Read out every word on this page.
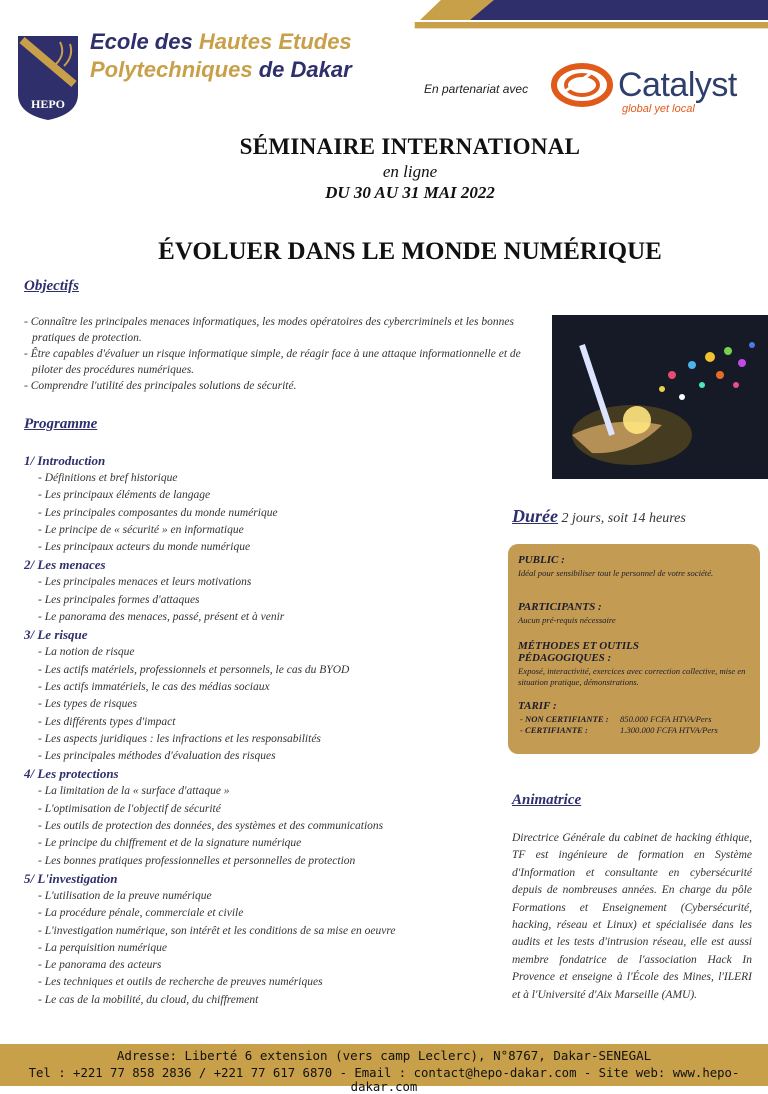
HEPO
Ecole des Hautes Etudes
Polytechniques de Dakar
En partenariat avec	Catalyst
global yet local
SÉMINAIRE INTERNATIONAL
en ligne
DU 30 AU 31 MAI 2022
ÉVOLUER DANS LE MONDE NUMÉRIQUE
Objectifs
- Connaître les principales menaces informatiques, les modes opératoires des cybercriminels et les bonnes pratiques de protection.
- Être capables d'évaluer un risque informatique simple, de réagir face à une attaque informationnelle et de piloter des procédures numériques.
- Comprendre l'utilité des principales solutions de sécurité.
Programme
1/ Introduction
- Définitions et bref historique
- Les principaux éléments de langage
- Les principales composantes du monde numérique
- Le principe de « sécurité » en informatique
- Les principaux acteurs du monde numérique
2/ Les menaces
- Les principales menaces et leurs motivations
- Les principales formes d'attaques
- Le panorama des menaces, passé, présent et à venir
3/ Le risque
- La notion de risque
- Les actifs matériels, professionnels et personnels, le cas du BYOD
- Les actifs immatériels, le cas des médias sociaux
- Les types de risques
- Les différents types d'impact
- Les aspects juridiques : les infractions et les responsabilités
- Les principales méthodes d'évaluation des risques
4/ Les protections
- La limitation de la « surface d'attaque »
- L'optimisation de l'objectif de sécurité
- Les outils de protection des données, des systèmes et des communications
- Le principe du chiffrement et de la signature numérique
- Les bonnes pratiques professionnelles et personnelles de protection
5/ L'investigation
- L'utilisation de la preuve numérique
- La procédure pénale, commerciale et civile
- L'investigation numérique, son intérêt et les conditions de sa mise en oeuvre
- La perquisition numérique
- Le panorama des acteurs
- Les techniques et outils de recherche de preuves numériques
- Le cas de la mobilité, du cloud, du chiffrement
Durée 2 jours, soit 14 heures
PUBLIC :
Idéal pour sensibiliser tout le personnel de votre société.
PARTICIPANTS :
Aucun pré-requis nécessaire
MÉTHODES ET OUTILS
PÉDAGOGIQUES :
Exposé, interactivité, exercices avec correction collective, mise en situation pratique, démonstrations.
TARIF :
- NON CERTIFIANTE : 850.000 FCFA HTVA/Pers
- CERTIFIANTE :	1.300.000 FCFA HTVA/Pers
Animatrice
Directrice Générale du cabinet de hacking éthique, TF est ingénieure de formation en Système d'Information et consultante en cybersécurité depuis de nombreuses années. En charge du pôle Formations et Enseignement (Cybersécurité, hacking, réseau et Linux) et spécialisée dans les audits et les tests d'intrusion réseau, elle est aussi membre fondatrice de l'association Hack In Provence et enseigne à l'École des Mines, l'ILERI et à l'Université d'Aix Marseille (AMU).
Adresse: Liberté 6 extension (vers camp Leclerc), N°8767, Dakar-SENEGAL
Tel : +221 77 858 2836 / +221 77 617 6870 - Email : contact@hepo-dakar.com - Site web: www.hepo-dakar.com
